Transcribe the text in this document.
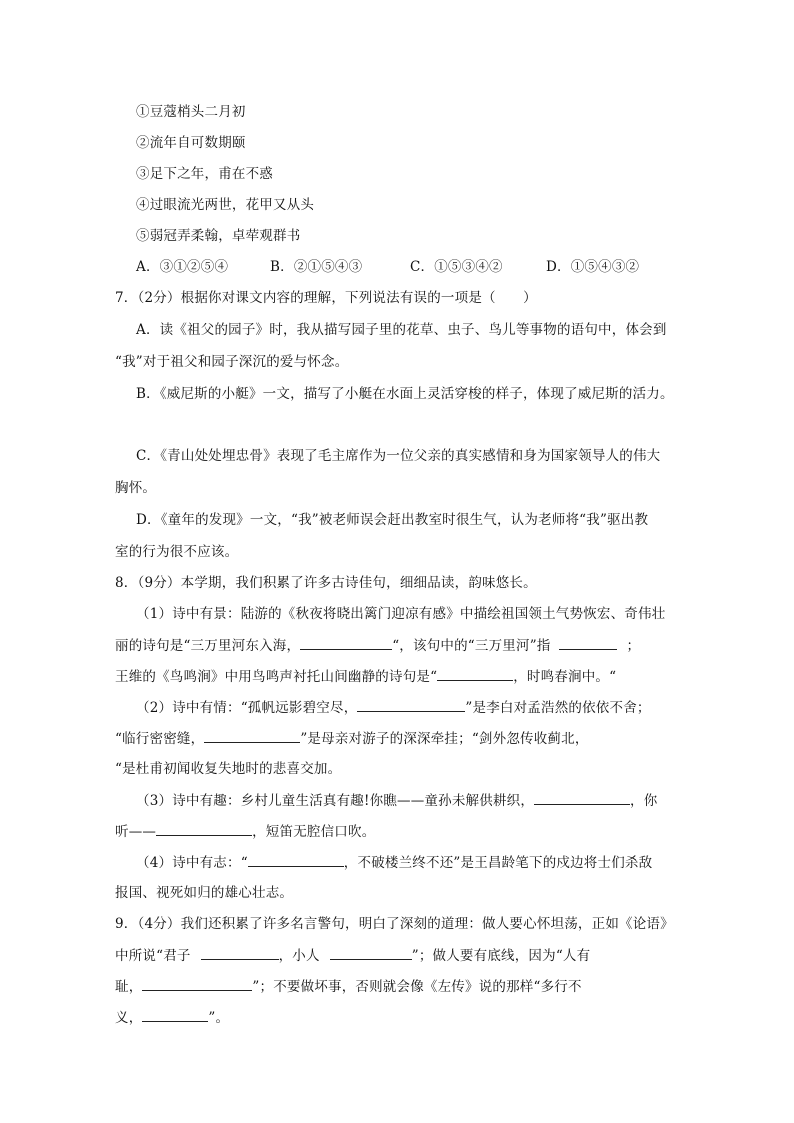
①豆蔻梢头二月初
②流年自可数期颐
③足下之年，甫在不惑
④过眼流光两世，花甲又从头
⑤弱冠弄柔翰，卓荦观群书
A．③①②⑤④	B．②①⑤④③	C．①⑤③④②	D．①⑤④③②
7．（2分）根据你对课文内容的理解，下列说法有误的一项是（　　）
A．读《祖父的园子》时，我从描写园子里的花草、虫子、鸟儿等事物的语句中，体会到
“我”对于祖父和园子深沉的爱与怀念。
B．《威尼斯的小艇》一文，描写了小艇在水面上灵活穿梭的样子，体现了威尼斯的活力。
C．《青山处处埋忠骨》表现了毛主席作为一位父亲的真实感情和身为国家领导人的伟大
胸怀。
D．《童年的发现》一文，“我”被老师误会赶出教室时很生气，认为老师将“我”驱出教
室的行为很不应该。
8．（9分）本学期，我们积累了许多古诗佳句，细细品读，韵味悠长。
（1）诗中有景：陆游的《秋夜将晓出篱门迎凉有感》中描绘祖国领土气势恢宏、奇伟壮
丽的诗句是“三万里河东入海，	“，该句中的“三万里河”指	；
王维的《鸟鸣涧》中用鸟鸣声衬托山间幽静的诗句是“	，时鸣春涧中。“
（2）诗中有情：“孤帆远影碧空尽，	”是李白对孟浩然的依依不舍；
“临行密密缝，	”是母亲对游子的深深牵挂；“剑外忽传收蓟北，
“是杜甫初闻收复失地时的悲喜交加。
（3）诗中有趣：乡村儿童生活真有趣!你瞧——童孙未解供耕织，	，你
听——	，短笛无腔信口吹。
（4）诗中有志：“	，不破楼兰终不还”是王昌龄笔下的戍边将士们杀敌
报国、视死如归的雄心壮志。
9．（4分）我们还积累了许多名言警句，明白了深刻的道理：做人要心怀坦荡，正如《论语》
中所说“君子	，小人	”；做人要有底线，因为“人有
耻，	”；不要做坏事，否则就会像《左传》说的那样“多行不
义，	”。
